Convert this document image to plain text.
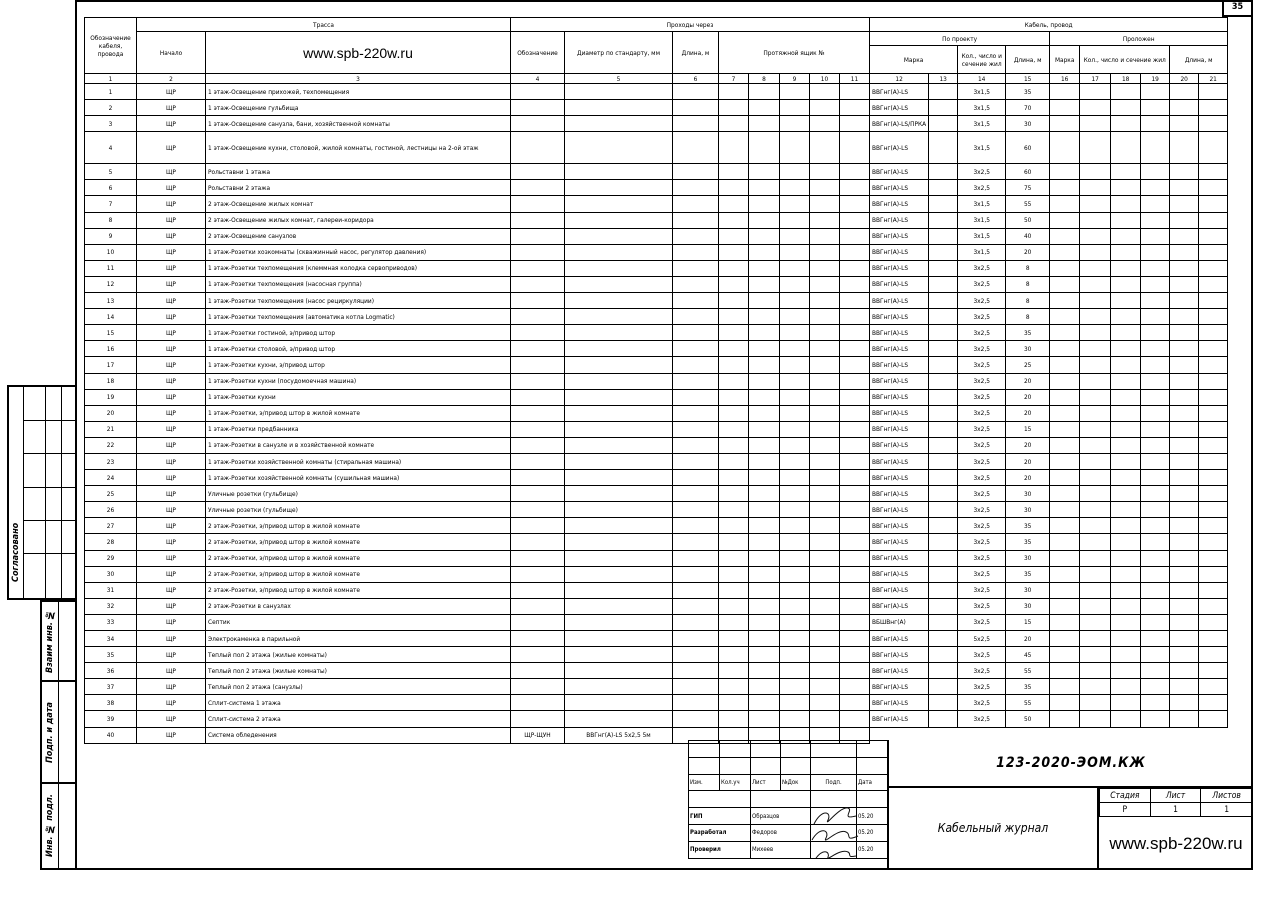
35
Согласовано
Взаим инв. №
Подп. и дата
Инв. № подл.
Обозначение кабеля, провода	Трасса		Проходы через								Кабель, провод									
	Начало	www.spb-220w.ru	Обозначение	Диаметр по стандарту, мм	Длина, м	Протяжной ящик №					По проекту				Проложен					
											Марка		Кол., число и сечение жил	Длина, м	Марка	Кол., число и сечение жил			Длина, м	
1	2	3	4	5	6	7	8	9	10	11	12	13	14	15	16	17	18	19	20	21
1	ЩР	1 этаж-Освещение прихожей, техпомещения									ВВГнг(А)-LS		3х1,5	35						
2	ЩР	1 этаж-Освещение гульбища									ВВГнг(А)-LS		3х1,5	70						
3	ЩР	1 этаж-Освещение санузла, бани, хозяйственной комнаты									ВВГнг(А)-LS/ПРКА		3х1,5	30						
4	ЩР	1 этаж-Освещение кухни, столовой, жилой комнаты, гостиной, лестницы на 2-ой этаж									ВВГнг(А)-LS		3х1,5	60						
5	ЩР	Рольставни 1 этажа									ВВГнг(А)-LS		3х2,5	60						
6	ЩР	Рольставни 2 этажа									ВВГнг(А)-LS		3х2,5	75						
7	ЩР	2 этаж-Освещение жилых комнат									ВВГнг(А)-LS		3х1,5	55						
8	ЩР	2 этаж-Освещение жилых комнат, галереи-коридора									ВВГнг(А)-LS		3х1,5	50						
9	ЩР	2 этаж-Освещение санузлов									ВВГнг(А)-LS		3х1,5	40						
10	ЩР	1 этаж-Розетки хозкомнаты (скважинный насос, регулятор давления)									ВВГнг(А)-LS		3х1,5	20						
11	ЩР	1 этаж-Розетки техпомещения (клеммная колодка сервоприводов)									ВВГнг(А)-LS		3х2,5	8						
12	ЩР	1 этаж-Розетки техпомещения (насосная группа)									ВВГнг(А)-LS		3х2,5	8						
13	ЩР	1 этаж-Розетки техпомещения (насос рециркуляции)									ВВГнг(А)-LS		3х2,5	8						
14	ЩР	1 этаж-Розетки техпомещения (автоматика котла Logmatic)									ВВГнг(А)-LS		3х2,5	8						
15	ЩР	1 этаж-Розетки гостиной, э/привод штор									ВВГнг(А)-LS		3х2,5	35						
16	ЩР	1 этаж-Розетки столовой, э/привод штор									ВВГнг(А)-LS		3х2,5	30						
17	ЩР	1 этаж-Розетки кухни, э/привод штор									ВВГнг(А)-LS		3х2,5	25						
18	ЩР	1 этаж-Розетки кухни (посудомоечная машина)									ВВГнг(А)-LS		3х2,5	20						
19	ЩР	1 этаж-Розетки кухни									ВВГнг(А)-LS		3х2,5	20						
20	ЩР	1 этаж-Розетки, э/привод штор в жилой комнате									ВВГнг(А)-LS		3х2,5	20						
21	ЩР	1 этаж-Розетки предбанника									ВВГнг(А)-LS		3х2,5	15						
22	ЩР	1 этаж-Розетки в санузле и в хозяйственной комнате									ВВГнг(А)-LS		3х2,5	20						
23	ЩР	1 этаж-Розетки хозяйственной комнаты (стиральная машина)									ВВГнг(А)-LS		3х2,5	20						
24	ЩР	1 этаж-Розетки хозяйственной комнаты (сушильная машина)									ВВГнг(А)-LS		3х2,5	20						
25	ЩР	Уличные розетки (гульбище)									ВВГнг(А)-LS		3х2,5	30						
26	ЩР	Уличные розетки (гульбище)									ВВГнг(А)-LS		3х2,5	30						
27	ЩР	2 этаж-Розетки, э/привод штор в жилой комнате									ВВГнг(А)-LS		3х2,5	35						
28	ЩР	2 этаж-Розетки, э/привод штор в жилой комнате									ВВГнг(А)-LS		3х2,5	35						
29	ЩР	2 этаж-Розетки, э/привод штор в жилой комнате									ВВГнг(А)-LS		3х2,5	30						
30	ЩР	2 этаж-Розетки, э/привод штор в жилой комнате									ВВГнг(А)-LS		3х2,5	35						
31	ЩР	2 этаж-Розетки, э/привод штор в жилой комнате									ВВГнг(А)-LS		3х2,5	30						
32	ЩР	2 этаж-Розетки в санузлах									ВВГнг(А)-LS		3х2,5	30						
33	ЩР	Септик									ВБШВнг(А)		3х2,5	15						
34	ЩР	Электрокаменка в парильной									ВВГнг(А)-LS		5х2,5	20						
35	ЩР	Теплый пол 2 этажа (жилые комнаты)									ВВГнг(А)-LS		3х2,5	45						
36	ЩР	Теплый пол 2 этажа (жилые комнаты)									ВВГнг(А)-LS		3х2,5	55						
37	ЩР	Теплый пол 2 этажа (санузлы)									ВВГнг(А)-LS		3х2,5	35						
38	ЩР	Сплит-система 1 этажа									ВВГнг(А)-LS		3х2,5	55						
39	ЩР	Сплит-система 2 этажа									ВВГнг(А)-LS		3х2,5	50						
40	ЩР	Система обледенения	ЩР-ЩУН	ВВГнг(А)-LS 5х2,5 5м																

Изм.	Кол.уч	Лист	№Док	Подп.	Дата

ГИП		Образцов			05.20
Разработал		Федоров			05.20
Проверил		Михеев			05.20
123-2020-ЭОМ.КЖ
Кабельный журнал
Стадия	Лист	Листов
Р	1	1
www.spb-220w.ru
